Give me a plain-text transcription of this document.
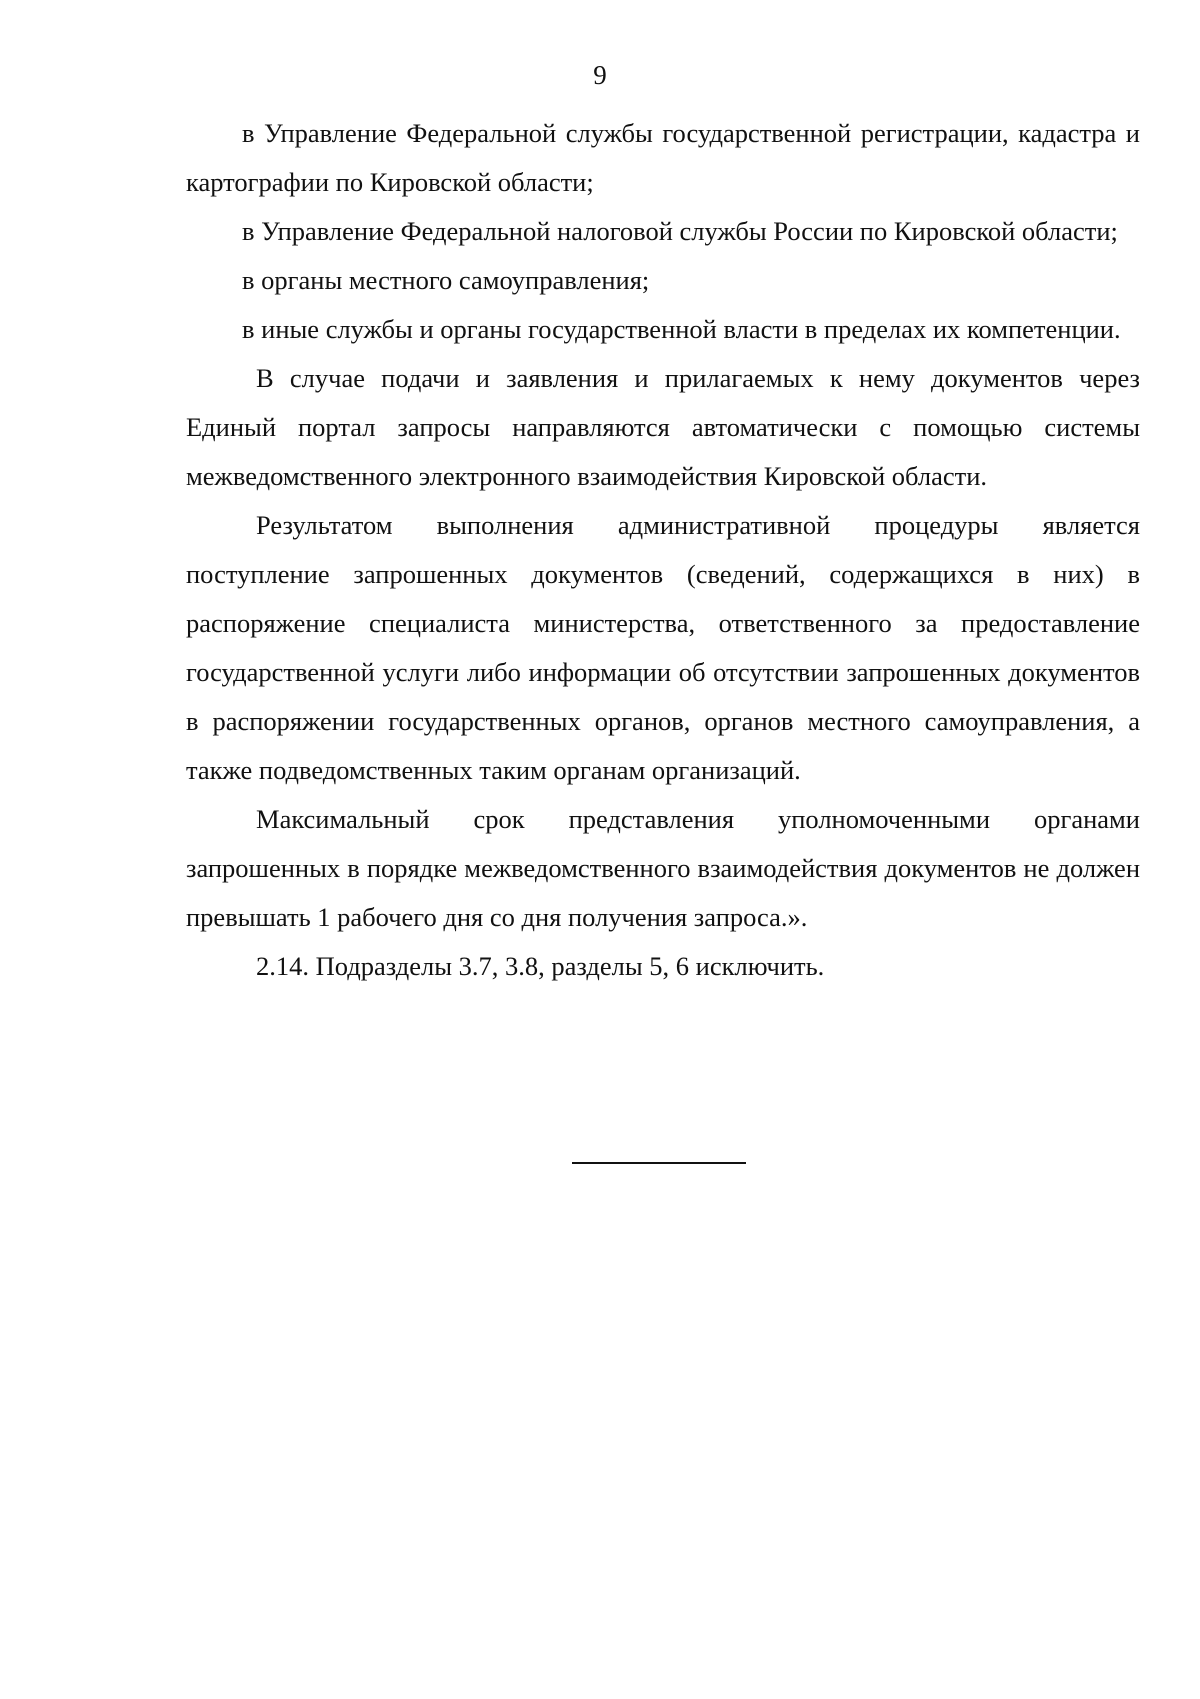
9

в Управление Федеральной службы государственной регистрации, кадастра и картографии по Кировской области;

в Управление Федеральной налоговой службы России по Кировской области;

в органы местного самоуправления;

в иные службы и органы государственной власти в пределах их компетенции.

В случае подачи и заявления и прилагаемых к нему документов через Единый портал запросы направляются автоматически с помощью системы межведомственного электронного взаимодействия Кировской области.

Результатом выполнения административной процедуры является поступление запрошенных документов (сведений, содержащихся в них) в распоряжение специалиста министерства, ответственного за предоставление государственной услуги либо информации об отсутствии запрошенных документов в распоряжении государственных органов, органов местного самоуправления, а также подведомственных таким органам организаций.

Максимальный срок представления уполномоченными органами запрошенных в порядке межведомственного взаимодействия документов не должен превышать 1 рабочего дня со дня получения запроса.».

2.14. Подразделы 3.7, 3.8, разделы 5, 6 исключить.
